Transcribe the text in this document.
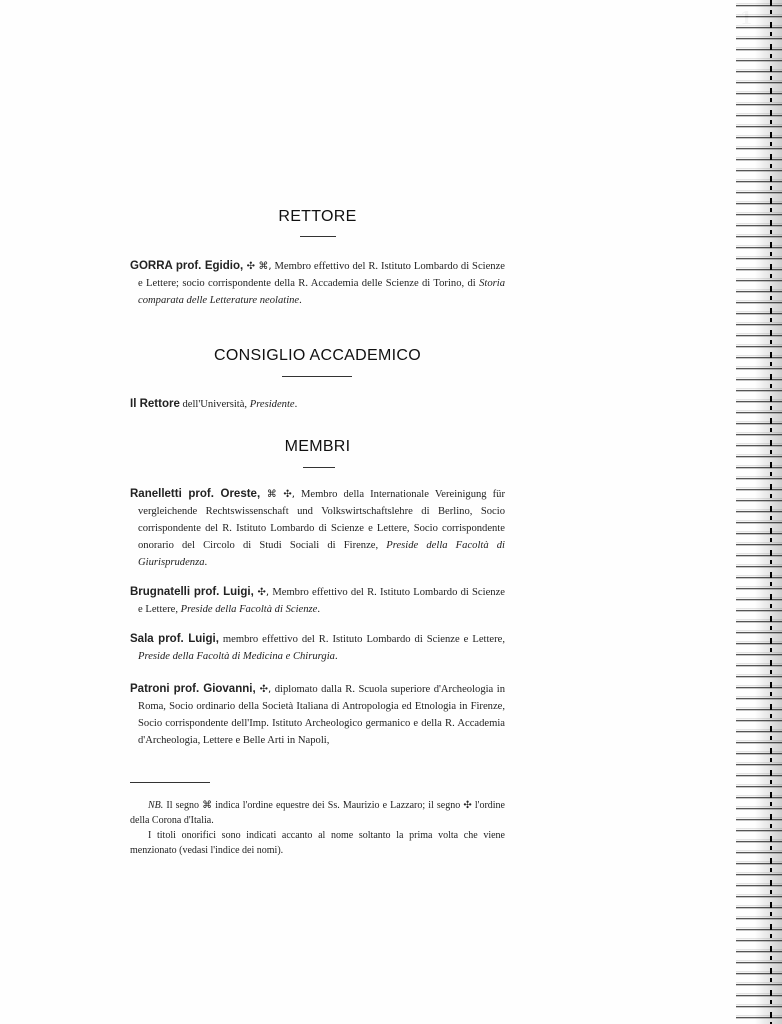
RETTORE
GORRA prof. Egidio, ✣ ⌘, Membro effettivo del R. Istituto Lombardo di Scienze e Lettere; socio corrispondente della R. Accademia delle Scienze di Torino, di Storia comparata delle Letterature neolatine.
CONSIGLIO ACCADEMICO
Il Rettore dell'Università, Presidente.
MEMBRI
Ranelletti prof. Oreste, ⌘ ✣, Membro della Internationale Vereinigung für vergleichende Rechtswissenschaft und Volkswirtschaftslehre di Berlino, Socio corrispondente del R. Istituto Lombardo di Scienze e Lettere, Socio corrispondente onorario del Circolo di Studi Sociali di Firenze, Preside della Facoltà di Giurisprudenza.
Brugnatelli prof. Luigi, ✣, Membro effettivo del R. Istituto Lombardo di Scienze e Lettere, Preside della Facoltà di Scienze.
Sala prof. Luigi, membro effettivo del R. Istituto Lombardo di Scienze e Lettere, Preside della Facoltà di Medicina e Chirurgia.
Patroni prof. Giovanni, ✣, diplomato dalla R. Scuola superiore d'Archeologia in Roma, Socio ordinario della Società Italiana di Antropologia ed Etnologia in Firenze, Socio corrispondente dell'Imp. Istituto Archeologico germanico e della R. Accademia d'Archeologia, Lettere e Belle Arti in Napoli,

NB. Il segno ⌘ indica l'ordine equestre dei Ss. Maurizio e Lazzaro; il segno ✣ l'ordine della Corona d'Italia.

I titoli onorifici sono indicati accanto al nome soltanto la prima volta che viene menzionato (vedasi l'indice dei nomi).
